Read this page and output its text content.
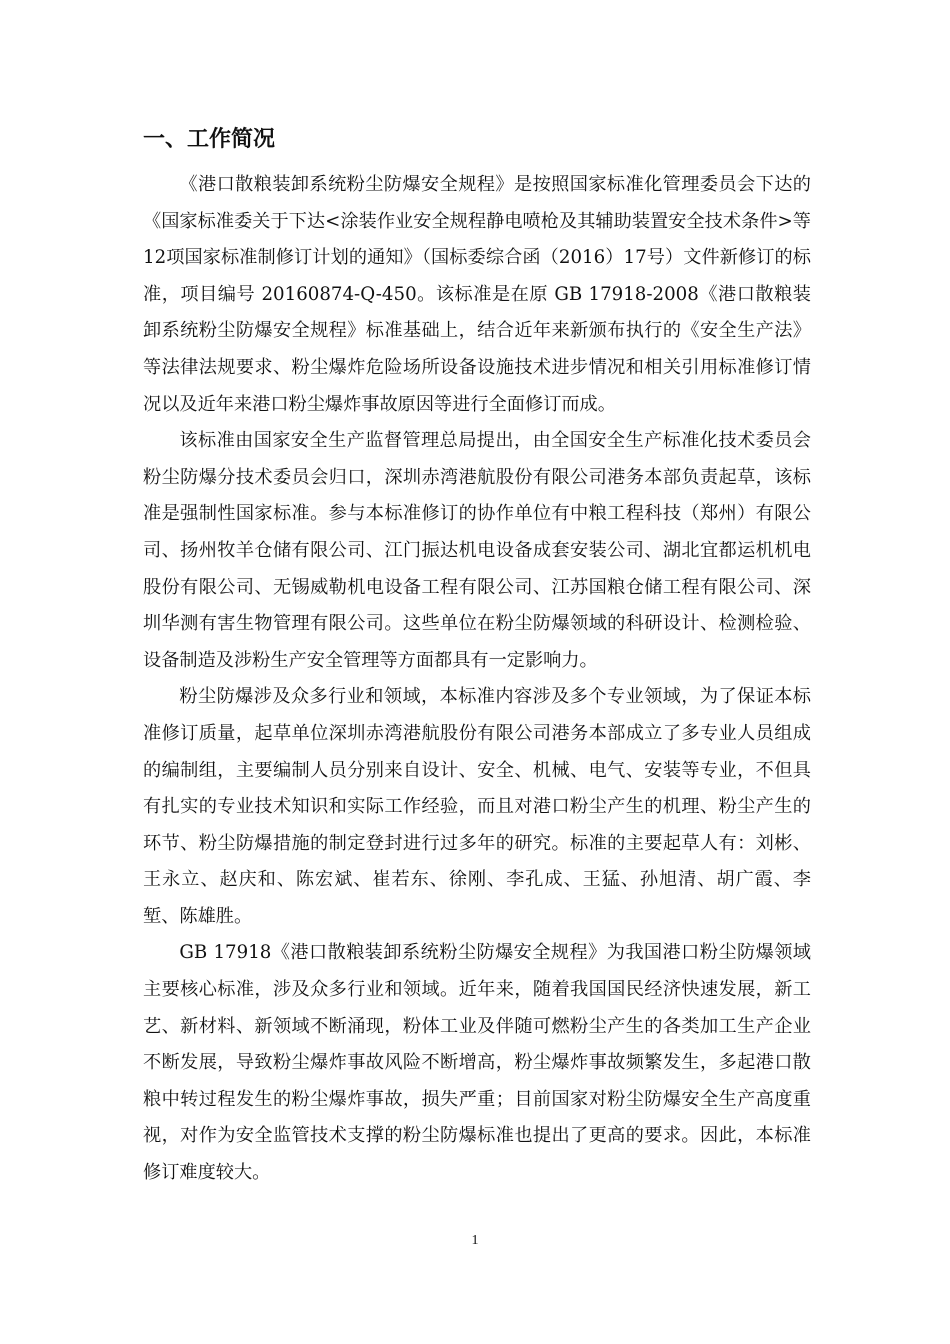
一、工作简况

《港口散粮装卸系统粉尘防爆安全规程》是按照国家标准化管理委员会下达的《国家标准委关于下达<涂装作业安全规程静电喷枪及其辅助装置安全技术条件>等12项国家标准制修订计划的通知》（国标委综合函（2016）17号）文件新修订的标准，项目编号 20160874-Q-450。该标准是在原 GB 17918-2008《港口散粮装卸系统粉尘防爆安全规程》标准基础上，结合近年来新颁布执行的《安全生产法》等法律法规要求、粉尘爆炸危险场所设备设施技术进步情况和相关引用标准修订情况以及近年来港口粉尘爆炸事故原因等进行全面修订而成。

该标准由国家安全生产监督管理总局提出，由全国安全生产标准化技术委员会粉尘防爆分技术委员会归口，深圳赤湾港航股份有限公司港务本部负责起草，该标准是强制性国家标准。参与本标准修订的协作单位有中粮工程科技（郑州）有限公司、扬州牧羊仓储有限公司、江门振达机电设备成套安装公司、湖北宜都运机机电股份有限公司、无锡威勒机电设备工程有限公司、江苏国粮仓储工程有限公司、深圳华测有害生物管理有限公司。这些单位在粉尘防爆领域的科研设计、检测检验、设备制造及涉粉生产安全管理等方面都具有一定影响力。

粉尘防爆涉及众多行业和领域，本标准内容涉及多个专业领域，为了保证本标准修订质量，起草单位深圳赤湾港航股份有限公司港务本部成立了多专业人员组成的编制组，主要编制人员分别来自设计、安全、机械、电气、安装等专业，不但具有扎实的专业技术知识和实际工作经验，而且对港口粉尘产生的机理、粉尘产生的环节、粉尘防爆措施的制定登封进行过多年的研究。标准的主要起草人有：刘彬、王永立、赵庆和、陈宏斌、崔若东、徐刚、李孔成、王猛、孙旭清、胡广霞、李堑、陈雄胜。

GB 17918《港口散粮装卸系统粉尘防爆安全规程》为我国港口粉尘防爆领域主要核心标准，涉及众多行业和领域。近年来，随着我国国民经济快速发展，新工艺、新材料、新领域不断涌现，粉体工业及伴随可燃粉尘产生的各类加工生产企业不断发展，导致粉尘爆炸事故风险不断增高，粉尘爆炸事故频繁发生，多起港口散粮中转过程发生的粉尘爆炸事故，损失严重；目前国家对粉尘防爆安全生产高度重视，对作为安全监管技术支撑的粉尘防爆标准也提出了更高的要求。因此，本标准修订难度较大。

1
